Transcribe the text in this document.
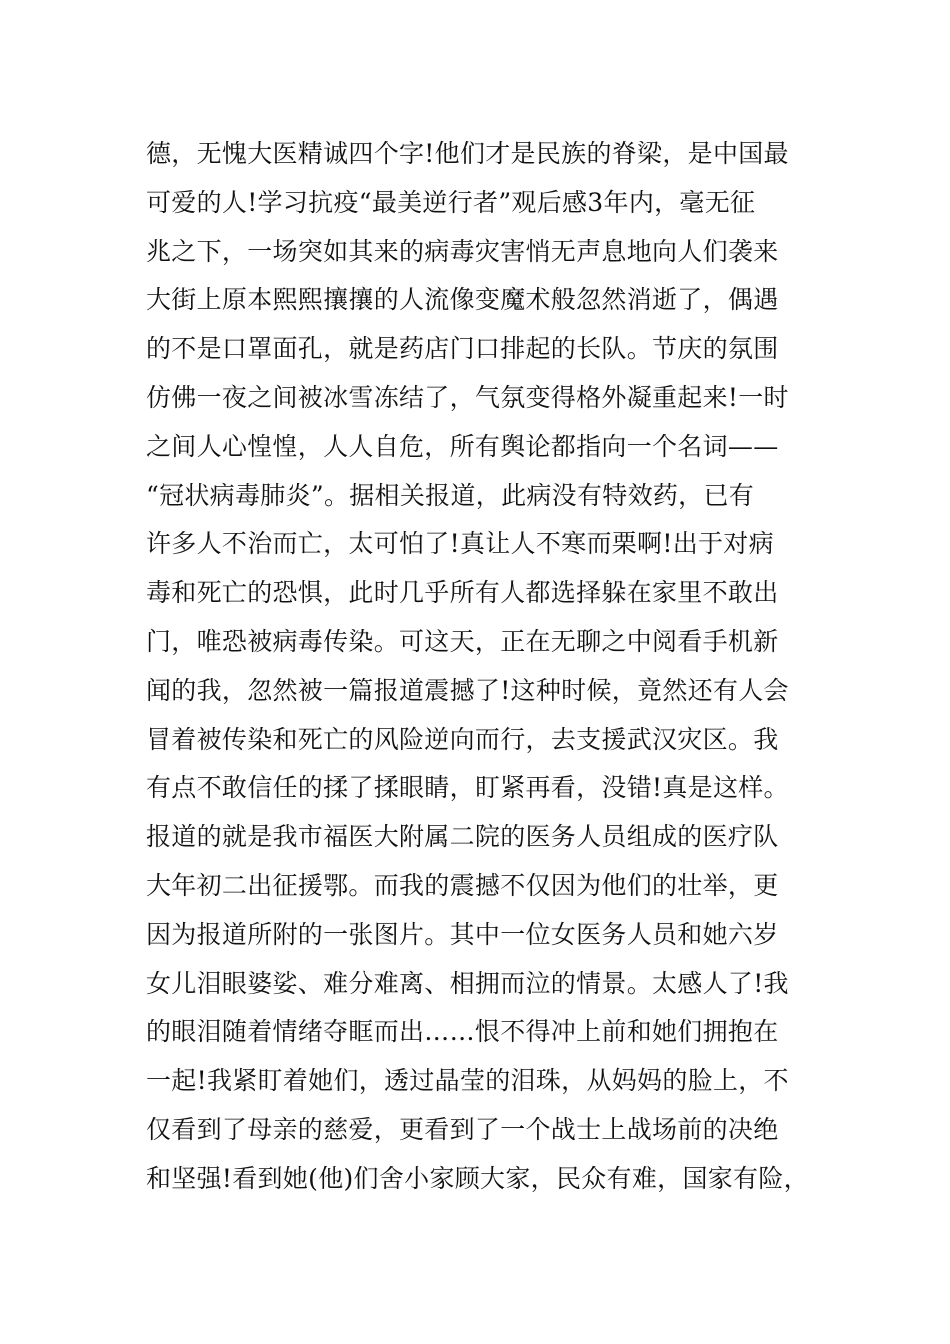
德，无愧大医精诚四个字!他们才是民族的脊梁，是中国最
可爱的人!学习抗疫“最美逆行者”观后感3年内，毫无征
兆之下，一场突如其来的病毒灾害悄无声息地向人们袭来
大街上原本熙熙攘攘的人流像变魔术般忽然消逝了，偶遇
的不是口罩面孔，就是药店门口排起的长队。节庆的氛围
仿佛一夜之间被冰雪冻结了，气氛变得格外凝重起来!一时
之间人心惶惶，人人自危，所有舆论都指向一个名词——
“冠状病毒肺炎”。据相关报道，此病没有特效药，已有
许多人不治而亡，太可怕了!真让人不寒而栗啊!出于对病
毒和死亡的恐惧，此时几乎所有人都选择躲在家里不敢出
门，唯恐被病毒传染。可这天，正在无聊之中阅看手机新
闻的我，忽然被一篇报道震撼了!这种时候，竟然还有人会
冒着被传染和死亡的风险逆向而行，去支援武汉灾区。我
有点不敢信任的揉了揉眼睛，盯紧再看，没错!真是这样。
报道的就是我市福医大附属二院的医务人员组成的医疗队
大年初二出征援鄂。而我的震撼不仅因为他们的壮举，更
因为报道所附的一张图片。其中一位女医务人员和她六岁
女儿泪眼婆娑、难分难离、相拥而泣的情景。太感人了!我
的眼泪随着情绪夺眶而出……恨不得冲上前和她们拥抱在
一起!我紧盯着她们，透过晶莹的泪珠，从妈妈的脸上，不
仅看到了母亲的慈爱，更看到了一个战士上战场前的决绝
和坚强!看到她(他)们舍小家顾大家，民众有难，国家有险，
